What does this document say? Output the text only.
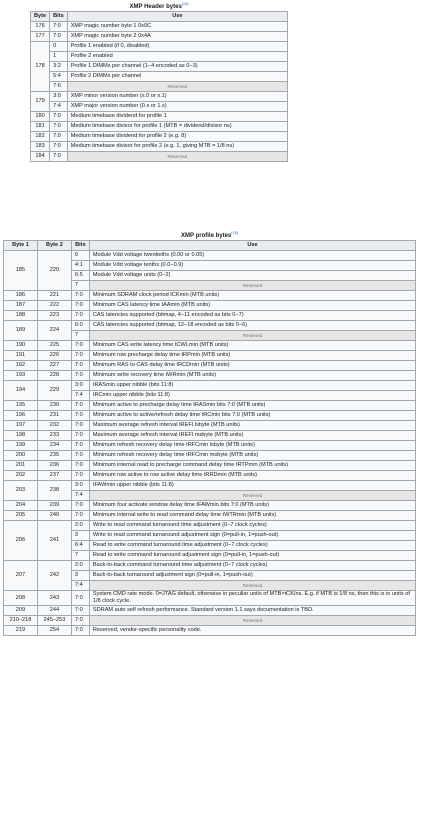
XMP Header bytes[15]
Byte	Bits	Use
176	7:0	XMP magic number byte 1 0x0C
177	7:0	XMP magic number byte 2 0x4A
178	0	Profile 1 enabled (if 0, disabled)
	1	Profile 2 enabled
	3:2	Profile 1 DIMMs per channel (1−4 encoded as 0−3)
	5:4	Profile 2 DIMMs per channel
	7:6	Reserved
179	3:0	XMP minor version number (x.0 or x.1)
	7:4	XMP major version number (0.x or 1.x)
180	7:0	Medium timebase dividend for profile 1
181	7:0	Medium timebase divisor for profile 1 (MTB = dividend/divisor ns)
182	7:0	Medium timebase dividend for profile 2 (e.g. 8)
183	7:0	Medium timebase divisor for profile 2 (e.g. 1, giving MTB = 1/8 ns)
184	7:0	Reserved
XMP profile bytes[15]
Byte 1	Byte 2	Bits	Use
185	220	0	Module Vdd voltage twentieths (0.00 or 0.05)
		4:1	Module Vdd voltage tenths (0.0−0.9)
		6:5	Module Vdd voltage units (0−2)
		7	Reserved
186	221	7:0	Minimum SDRAM clock period tCKmin (MTB units)
187	222	7:0	Minimum CAS latency time tAAmin (MTB units)
188	223	7:0	CAS latencies supported (bitmap, 4−11 encoded as bits 0−7)
189	224	6:0	CAS latencies supported (bitmap, 12−18 encoded as bits 0−6)
		7	Reserved
190	225	7:0	Minimum CAS write latency time tCWLmin (MTB units)
191	226	7:0	Minimum row precharge delay time tRPmin (MTB units)
192	227	7:0	Minimum RAS to CAS delay time tRCDmin (MTB units)
193	228	7:0	Minimum write recovery time tWRmin (MTB units)
194	229	3:0	tRASmin upper nibble (bits 11:8)
		7:4	tRCmin upper nibble (bits 11:8)
195	230	7:0	Minimum active to precharge delay time tRASmin bits 7:0 (MTB units)
196	231	7:0	Minimum active to active/refresh delay time tRCmin bits 7:0 (MTB units)
197	232	7:0	Maximum average refresh interval tREFI lsbyte (MTB units)
198	233	7:0	Maximum average refresh interval tREFI msbyte (MTB units)
199	234	7:0	Minimum refresh recovery delay time tRFCmin lsbyte (MTB units)
200	235	7:0	Minimum refresh recovery delay time tRFCmin msbyte (MTB units)
201	236	7:0	Minimum internal read to precharge command delay time tRTPmin (MTB units)
202	237	7:0	Minimum row active to row active delay time tRRDmin (MTB units)
203	238	3:0	tFAWmin upper nibble (bits 11:8)
		7:4	Reserved
204	239	7:0	Minimum four activate window delay time tFAWmin bits 7:0 (MTB units)
205	240	7:0	Minimum internal write to read command delay time tWTRmin (MTB units)
206	241	2:0	Write to read command turnaround time adjustment (0−7 clock cycles)
		3	Write to read command turnaround adjustment sign (0=pull-in, 1=push-out)
		6:4	Read to write command turnaround time adjustment (0−7 clock cycles)
		7	Read to write command turnaround adjustment sign (0=pull-in, 1=push-out)
207	242	2:0	Back-to-back command turnaround time adjustment (0−7 clock cycles)
		3	Back-to-back turnaround adjustment sign (0=pull-in, 1=push-out)
		7:4	Reserved
208	243	7:0	System CMD rate mode. 0=JTAG default, otherwise in peculiar units of MTB×tCK/ns. E.g. if MTB is 1/8 ns, then this is in units of 1/8 clock cycle.
209	244	7:0	SDRAM auto self refresh performance. Standard version 1.1 says documentation is TBD.
210–218	245–253	7:0	Reserved
219	254	7:0	Reserved, vendor-specific personality code.
